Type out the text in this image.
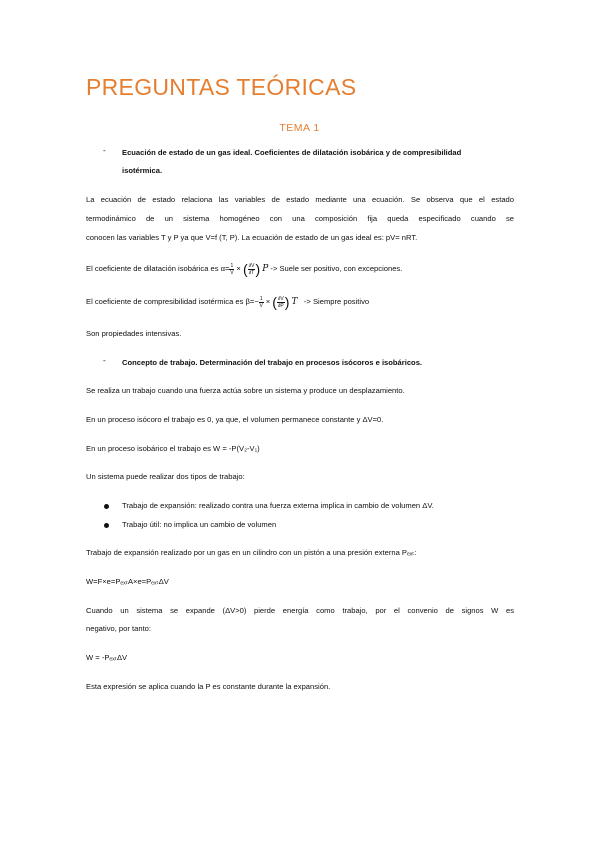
PREGUNTAS TEÓRICAS
TEMA 1
- Ecuación de estado de un gas ideal. Coeficientes de dilatación isobárica y de compresibilidad
isotérmica.
La ecuación de estado relaciona las variables de estado mediante una ecuación. Se observa que el estado
termodinámico de un sistema homogéneo con una composición fija queda especificado cuando se
conocen las variables T y P ya que V=f (T, P). La ecuación de estado de un gas ideal es: pV= nRT.
El coeficiente de dilatación isobárica es $\alpha= \frac{1}{V}$ × ( $\frac{\partial V}{\partial T}$ ) P -> Suele ser positivo, con excepciones.
El coeficiente de compresibilidad isotérmica es $\beta=- \frac{1}{V}$ × ( $\frac{\partial V}{\partial P}$ ) T -> Siempre positivo
Son propiedades intensivas.
- Concepto de trabajo. Determinación del trabajo en procesos isócoros e isobáricos.
Se realiza un trabajo cuando una fuerza actúa sobre un sistema y produce un desplazamiento.
En un proceso isócoro el trabajo es 0, ya que, el volumen permanece constante y ΔV=0.
En un proceso isobárico el trabajo es W = -P(V₂-V₁)
Un sistema puede realizar dos tipos de trabajo:
Trabajo de expansión: realizado contra una fuerza externa implica in cambio de volumen ΔV.
Trabajo útil: no implica un cambio de volumen
Trabajo de expansión realizado por un gas en un cilindro con un pistón a una presión externa Pₑₓₜ:
W=F×e=PₑₓₜA×e=PₑₓₜΔV
Cuando un sistema se expande (ΔV>0) pierde energía como trabajo, por el convenio de signos W es
negativo, por tanto:
W = -PₑₓₜΔV
Esta expresión se aplica cuando la P es constante durante la expansión.
